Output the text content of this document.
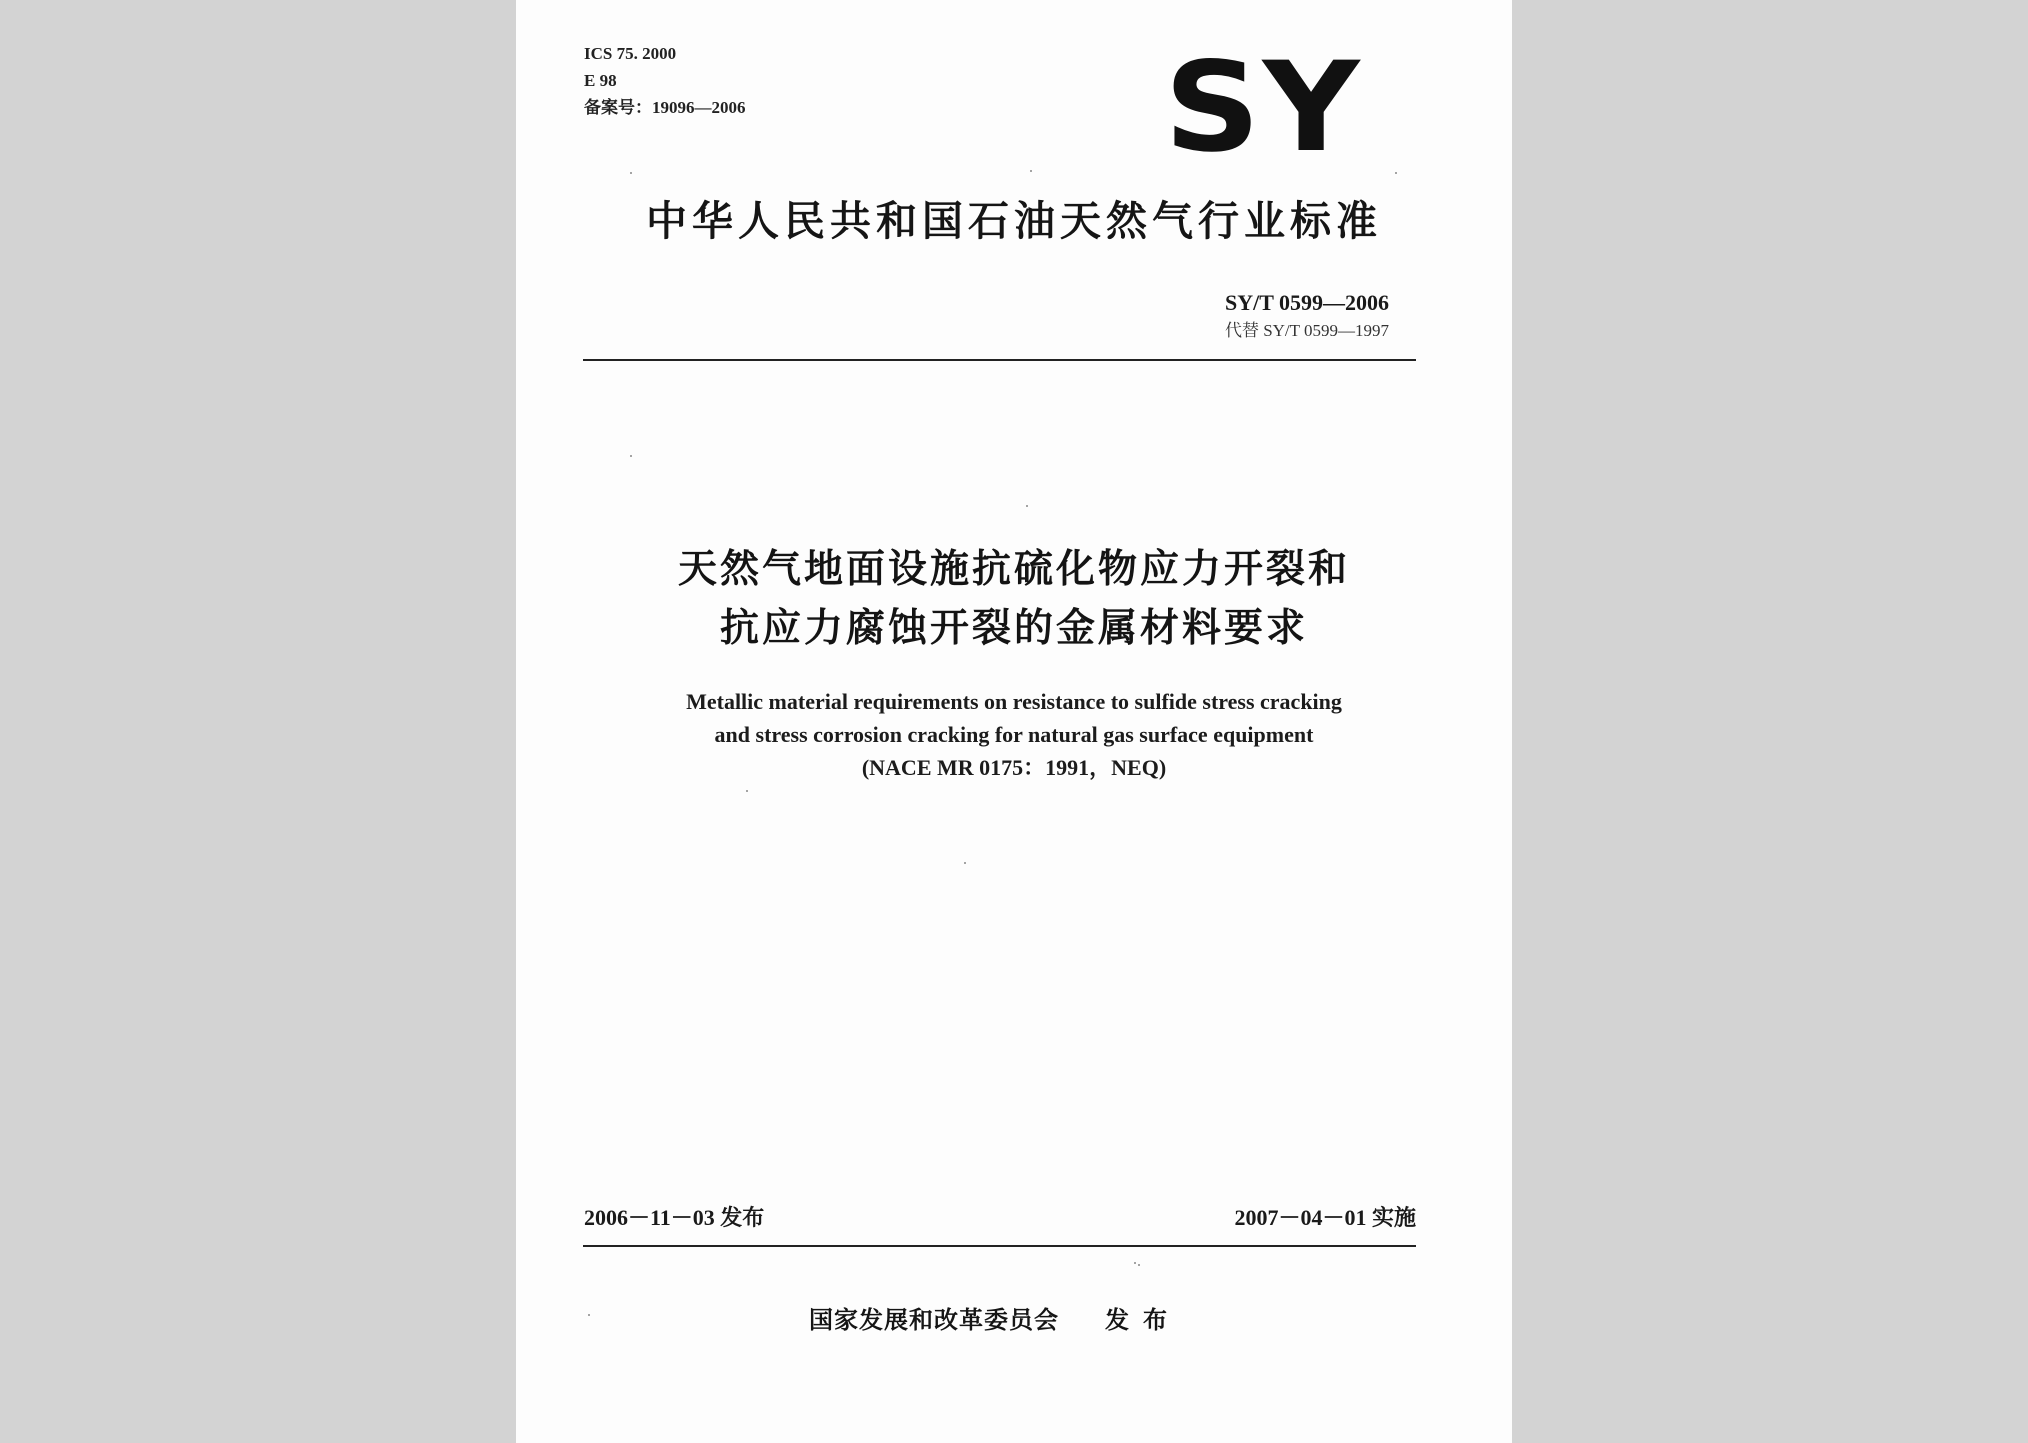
ICS 75. 2000
E 98
备案号：19096—2006	SY
中华人民共和国石油天然气行业标准
SY/T 0599—2006
代替 SY/T 0599—1997
天然气地面设施抗硫化物应力开裂和
抗应力腐蚀开裂的金属材料要求
Metallic material requirements on resistance to sulfide stress cracking
and stress corrosion cracking for natural gas surface equipment
(NACE MR 0175：1991，NEQ)
2006－11－03 发布	2007－04－01 实施
国家发展和改革委员会 发布
